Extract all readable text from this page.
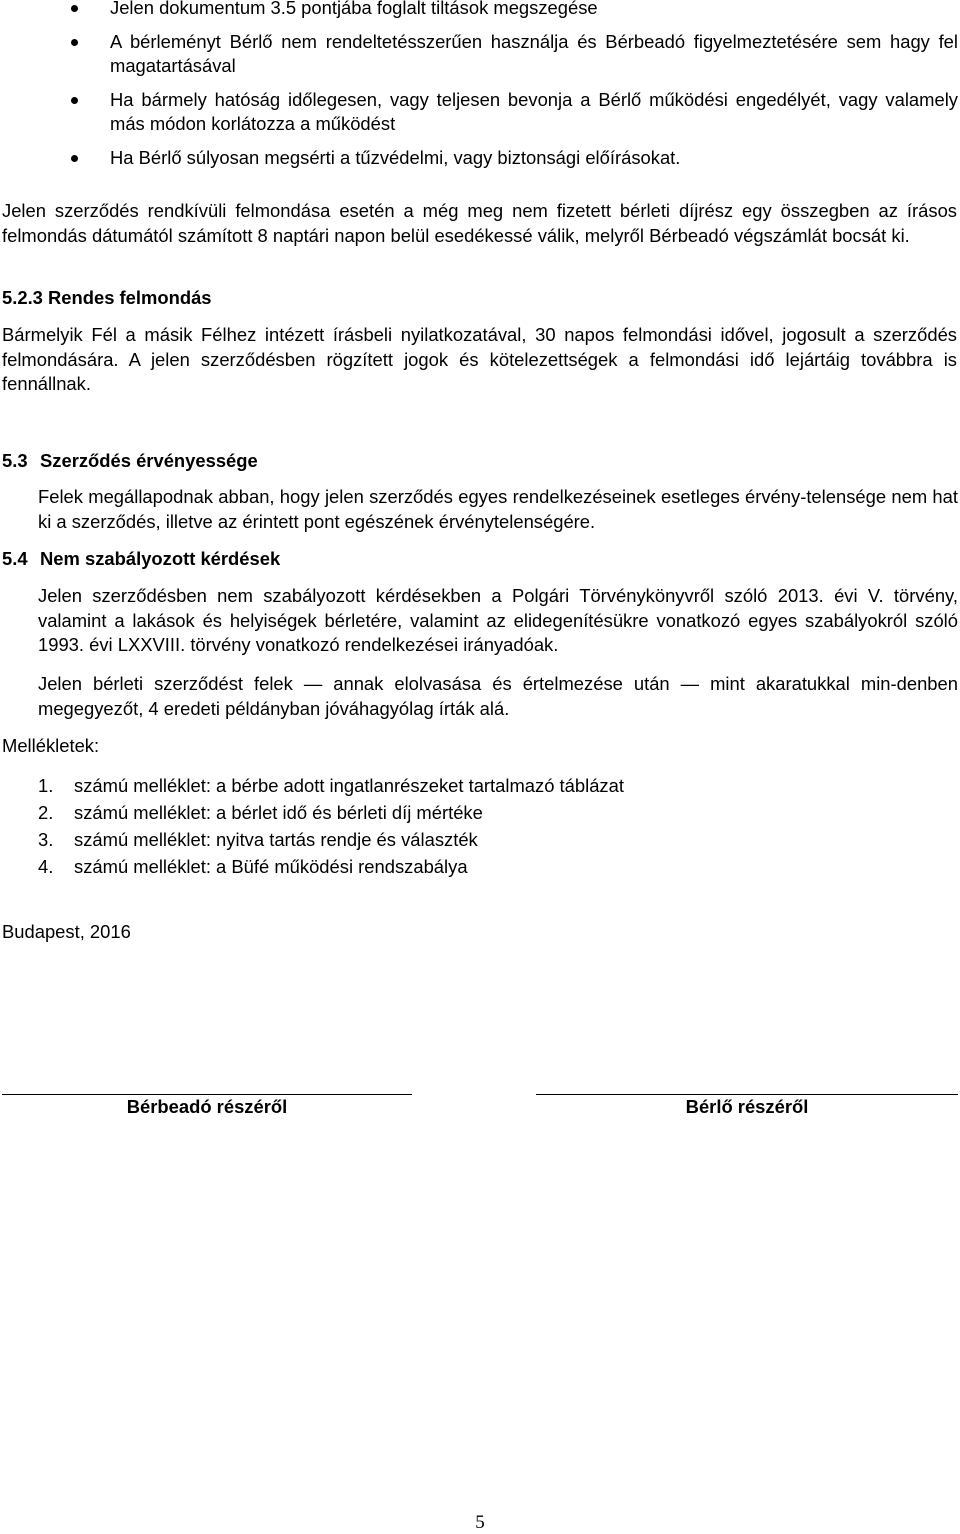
Jelen dokumentum 3.5 pontjába foglalt tiltások megszegése
A bérleményt Bérlő nem rendeltetésszerűen használja és Bérbeadó figyelmeztetésére sem hagy fel magatartásával
Ha bármely hatóság időlegesen, vagy teljesen bevonja a Bérlő működési engedélyét, vagy valamely más módon korlátozza a működést
Ha Bérlő súlyosan megsérti a tűzvédelmi, vagy biztonsági előírásokat.

Jelen szerződés rendkívüli felmondása esetén a még meg nem fizetett bérleti díjrész egy összegben az írásos felmondás dátumától számított 8 naptári napon belül esedékessé válik, melyről Bérbeadó végszámlát bocsát ki.

5.2.3 Rendes felmondás

Bármelyik Fél a másik Félhez intézett írásbeli nyilatkozatával, 30 napos felmondási idővel, jogosult a szerződés felmondására. A jelen szerződésben rögzített jogok és kötelezettségek a felmondási idő lejártáig továbbra is fennállnak.

5.3 Szerződés érvényessége

Felek megállapodnak abban, hogy jelen szerződés egyes rendelkezéseinek esetleges érvény-telensége nem hat ki a szerződés, illetve az érintett pont egészének érvénytelenségére.

5.4 Nem szabályozott kérdések

Jelen szerződésben nem szabályozott kérdésekben a Polgári Törvénykönyvről szóló 2013. évi V. törvény, valamint a lakások és helyiségek bérletére, valamint az elidegenítésükre vonatkozó egyes szabályokról szóló 1993. évi LXXVIII. törvény vonatkozó rendelkezései irányadóak.

Jelen bérleti szerződést felek — annak elolvasása és értelmezése után — mint akaratukkal min-denben megegyezőt, 4 eredeti példányban jóváhagyólag írták alá.

Mellékletek:

1. számú melléklet: a bérbe adott ingatlanrészeket tartalmazó táblázat
2. számú melléklet: a bérlet idő és bérleti díj mértéke
3. számú melléklet: nyitva tartás rendje és választék
4. számú melléklet: a Büfé működési rendszabálya

Budapest, 2016

Bérbeadó részéről	Bérlő részéről

5
